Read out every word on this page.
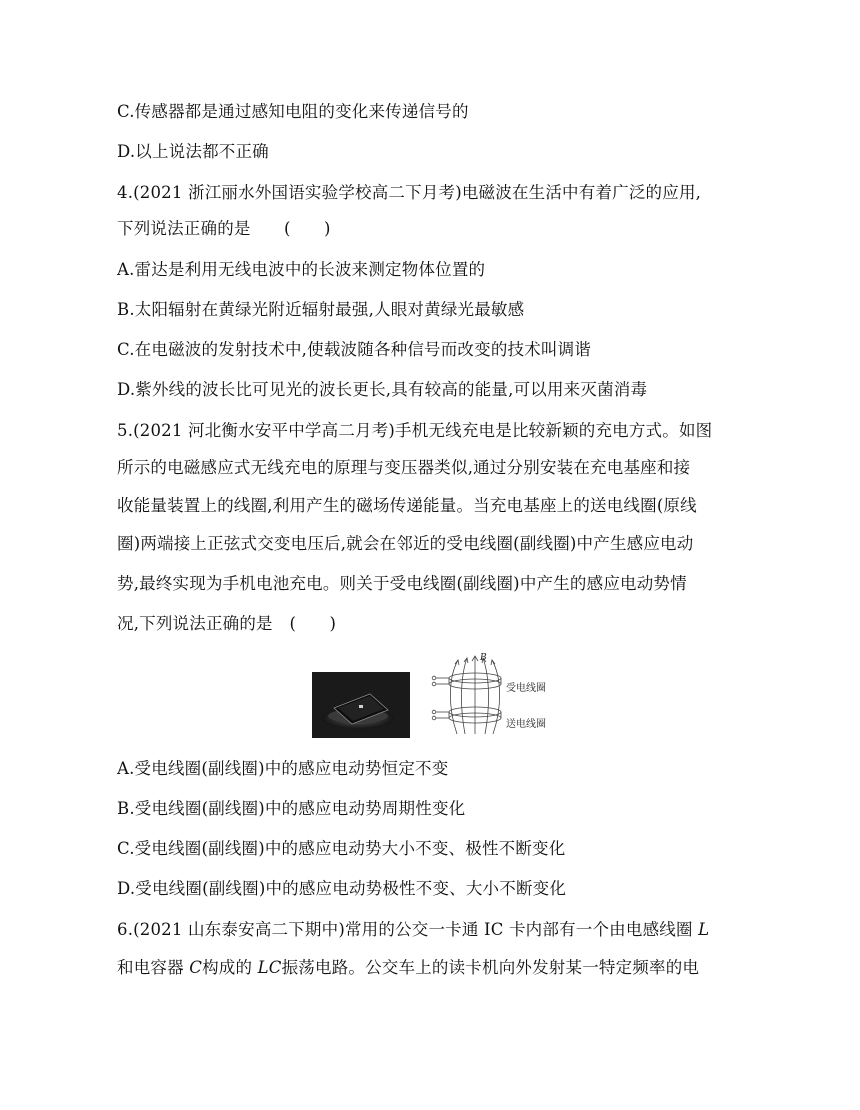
C.传感器都是通过感知电阻的变化来传递信号的
D.以上说法都不正确
4.(2021 浙江丽水外国语实验学校高二下月考)电磁波在生活中有着广泛的应用,
下列说法正确的是　　(　　)
A.雷达是利用无线电波中的长波来测定物体位置的
B.太阳辐射在黄绿光附近辐射最强,人眼对黄绿光最敏感
C.在电磁波的发射技术中,使载波随各种信号而改变的技术叫调谐
D.紫外线的波长比可见光的波长更长,具有较高的能量,可以用来灭菌消毒
5.(2021 河北衡水安平中学高二月考)手机无线充电是比较新颖的充电方式。如图
所示的电磁感应式无线充电的原理与变压器类似,通过分别安装在充电基座和接
收能量装置上的线圈,利用产生的磁场传递能量。当充电基座上的送电线圈(原线
圈)两端接上正弦式交变电压后,就会在邻近的受电线圈(副线圈)中产生感应电动
势,最终实现为手机电池充电。则关于受电线圈(副线圈)中产生的感应电动势情
况,下列说法正确的是　(　　)
B
受电线圈
送电线圈
A.受电线圈(副线圈)中的感应电动势恒定不变
B.受电线圈(副线圈)中的感应电动势周期性变化
C.受电线圈(副线圈)中的感应电动势大小不变、极性不断变化
D.受电线圈(副线圈)中的感应电动势极性不变、大小不断变化
6.(2021 山东泰安高二下期中)常用的公交一卡通 IC 卡内部有一个由电感线圈 L
和电容器 C构成的 LC振荡电路。公交车上的读卡机向外发射某一特定频率的电
